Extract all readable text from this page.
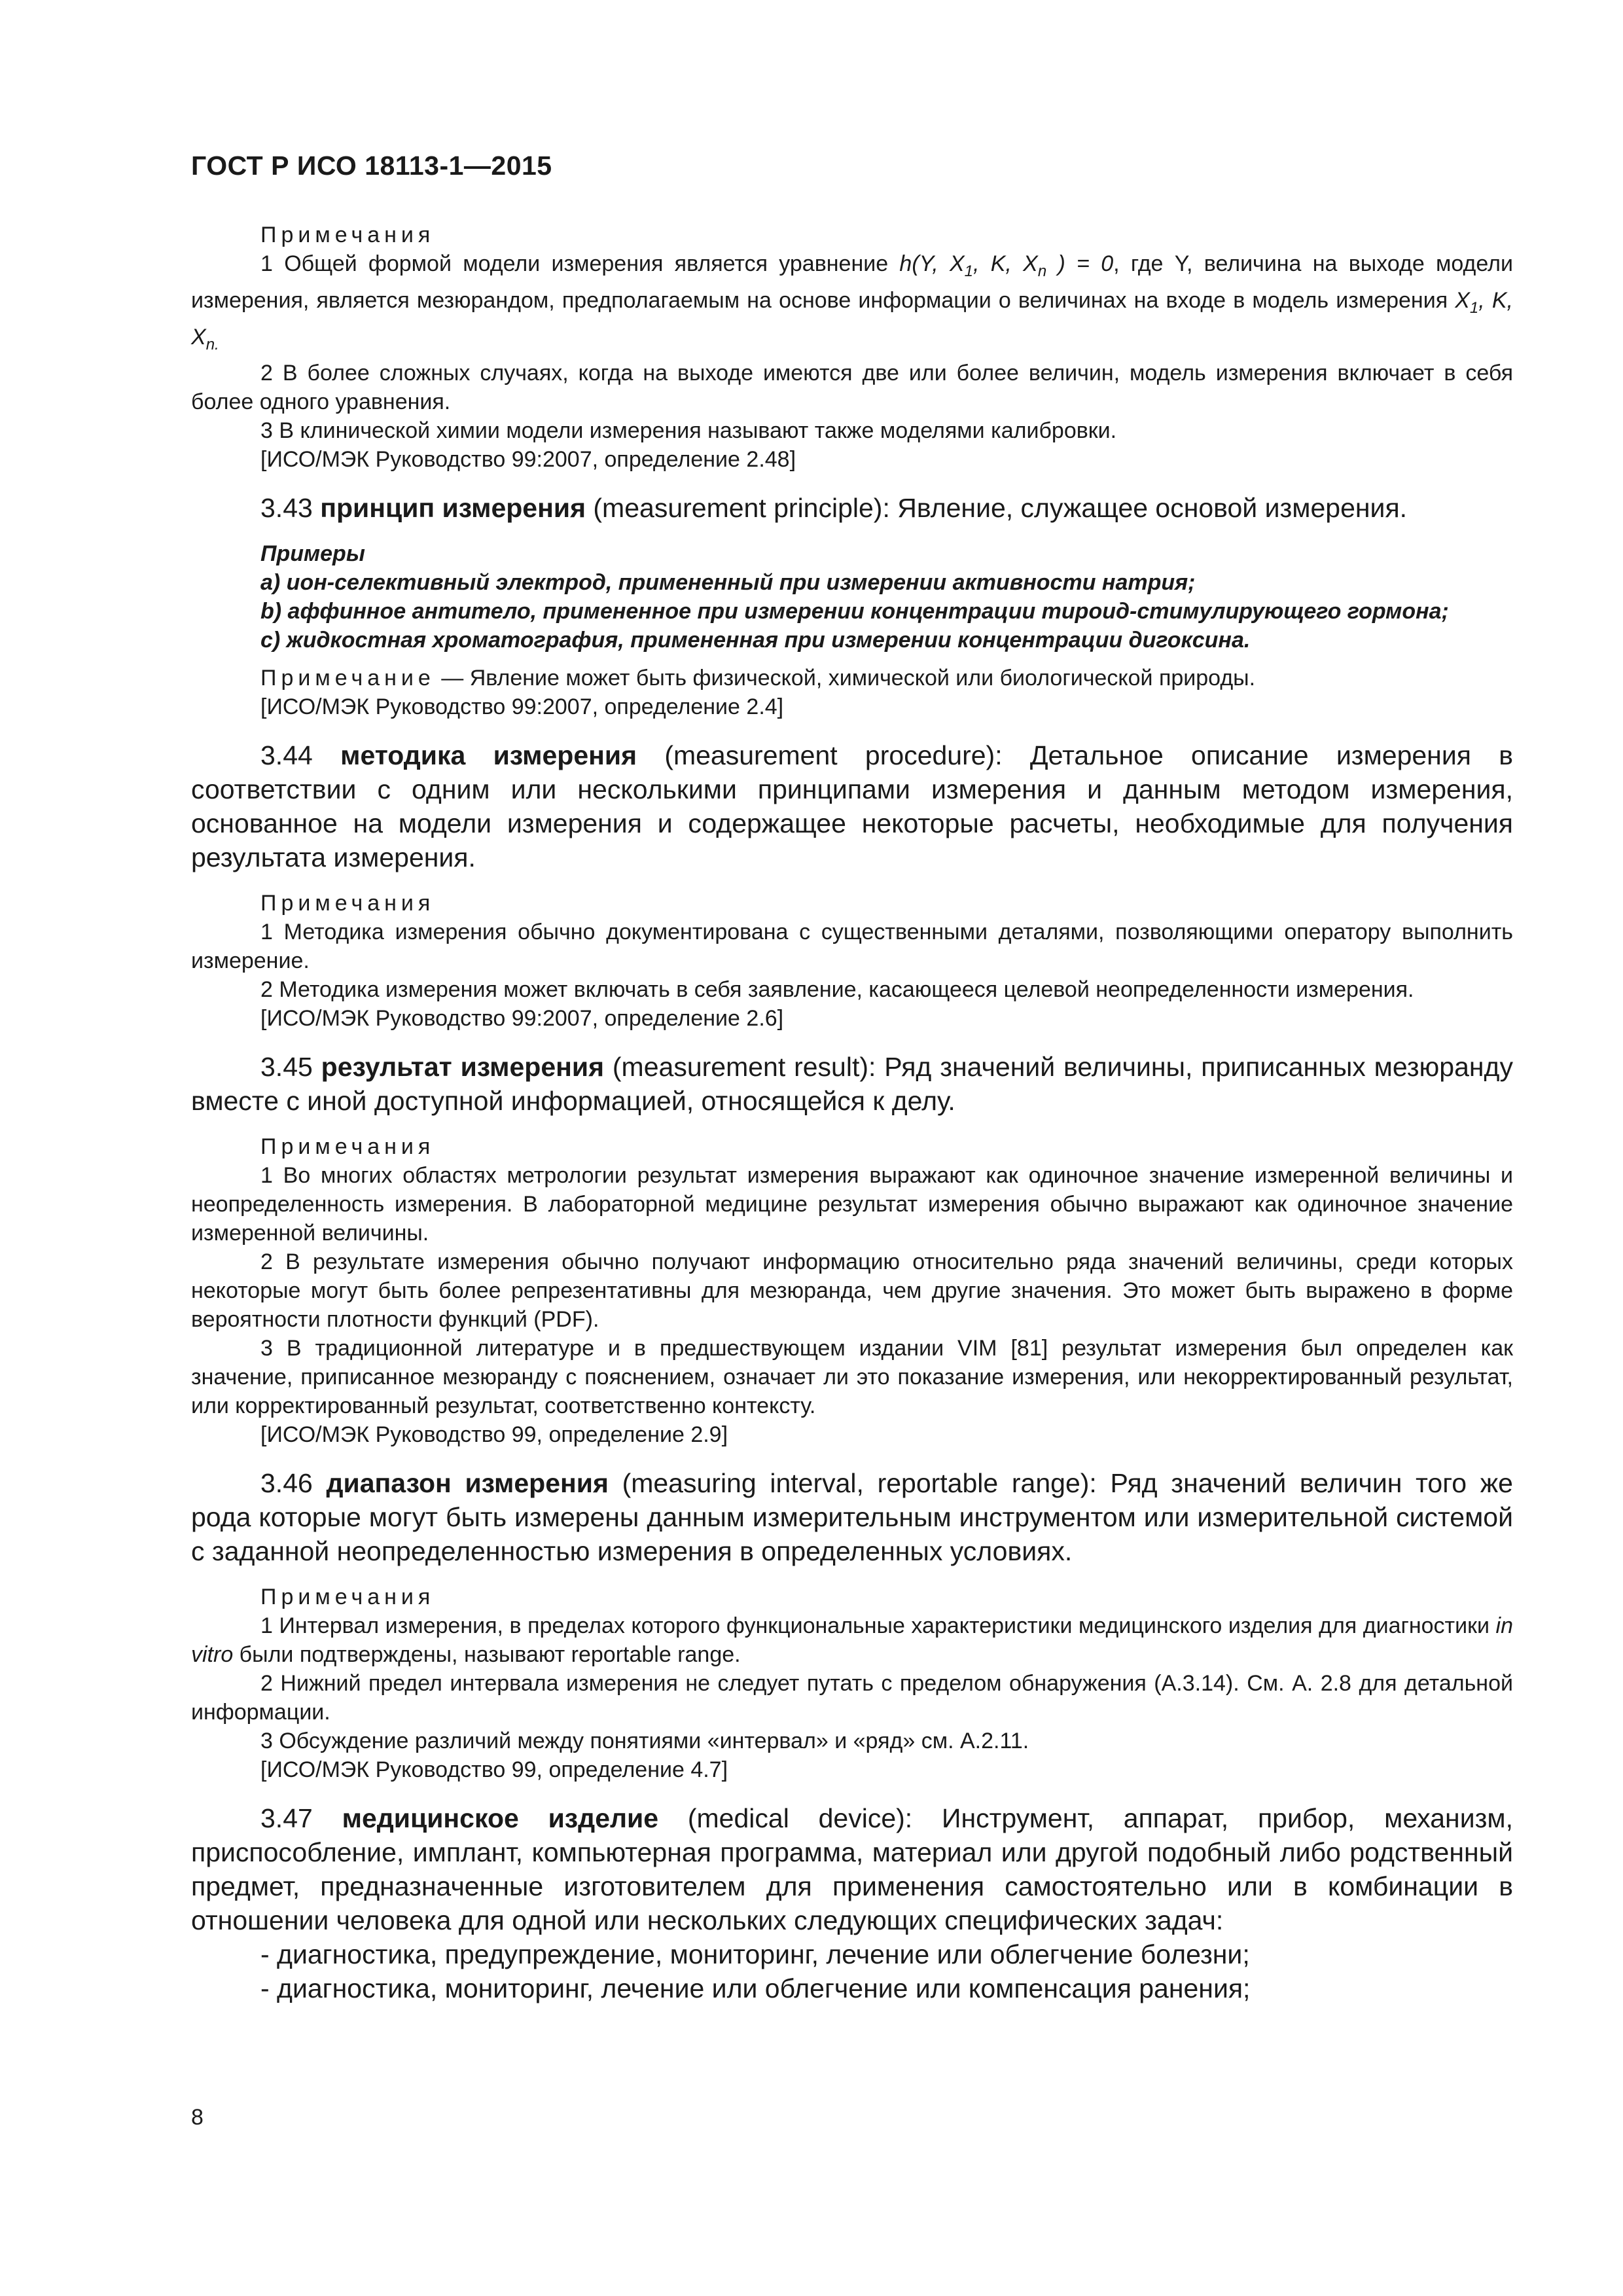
ГОСТ Р ИСО 18113-1—2015

Примечания

1 Общей формой модели измерения является уравнение h(Y, $X_1$, K, $X_n$ ) = 0, где Y, величина на выходе модели измерения, является мезюрандом, предполагаемым на основе информации о величинах на входе в модель измерения $X_1$, K, $X_{n.}$

2 В более сложных случаях, когда на выходе имеются две или более величин, модель измерения включает в себя более одного уравнения.

3 В клинической химии модели измерения называют также моделями калибровки.

[ИСО/МЭК Руководство 99:2007, определение 2.48]

3.43 принцип измерения (measurement principle): Явление, служащее основой измерения.

Примеры

а) ион-селективный электрод, примененный при измерении активности натрия;

b) аффинное антитело, примененное при измерении концентрации тироид-стимулирующего гормона;

с) жидкостная хроматография, примененная при измерении концентрации дигоксина.

Примечание — Явление может быть физической, химической или биологической природы.

[ИСО/МЭК Руководство 99:2007, определение 2.4]

3.44 методика измерения (measurement procedure): Детальное описание измерения в соответствии с одним или несколькими принципами измерения и данным методом измерения, основанное на модели измерения и содержащее некоторые расчеты, необходимые для получения результата измерения.

Примечания

1 Методика измерения обычно документирована с существенными деталями, позволяющими оператору выполнить измерение.

2 Методика измерения может включать в себя заявление, касающееся целевой неопределенности измерения.

[ИСО/МЭК Руководство 99:2007, определение 2.6]

3.45 результат измерения (measurement result): Ряд значений величины, приписанных мезюранду вместе с иной доступной информацией, относящейся к делу.

Примечания

1 Во многих областях метрологии результат измерения выражают как одиночное значение измеренной величины и неопределенность измерения. В лабораторной медицине результат измерения обычно выражают как одиночное значение измеренной величины.

2 В результате измерения обычно получают информацию относительно ряда значений величины, среди которых некоторые могут быть более репрезентативны для мезюранда, чем другие значения. Это может быть выражено в форме вероятности плотности функций (PDF).

3 В традиционной литературе и в предшествующем издании VIM [81] результат измерения был определен как значение, приписанное мезюранду с пояснением, означает ли это показание измерения, или некорректированный результат, или корректированный результат, соответственно контексту.

[ИСО/МЭК Руководство 99, определение 2.9]

3.46 диапазон измерения (measuring interval, reportable range): Ряд значений величин того же рода которые могут быть измерены данным измерительным инструментом или измерительной системой с заданной неопределенностью измерения в определенных условиях.

Примечания

1 Интервал измерения, в пределах которого функциональные характеристики медицинского изделия для диагностики in vitro были подтверждены, называют reportable range.

2 Нижний предел интервала измерения не следует путать с пределом обнаружения (А.3.14). См. А. 2.8 для детальной информации.

3 Обсуждение различий между понятиями «интервал» и «ряд» см. А.2.11.

[ИСО/МЭК Руководство 99, определение 4.7]

3.47 медицинское изделие (medical device): Инструмент, аппарат, прибор, механизм, приспособление, имплант, компьютерная программа, материал или другой подобный либо родственный предмет, предназначенные изготовителем для применения самостоятельно или в комбинации в отношении человека для одной или нескольких следующих специфических задач:

- диагностика, предупреждение, мониторинг, лечение или облегчение болезни;

- диагностика, мониторинг, лечение или облегчение или компенсация ранения;

8
